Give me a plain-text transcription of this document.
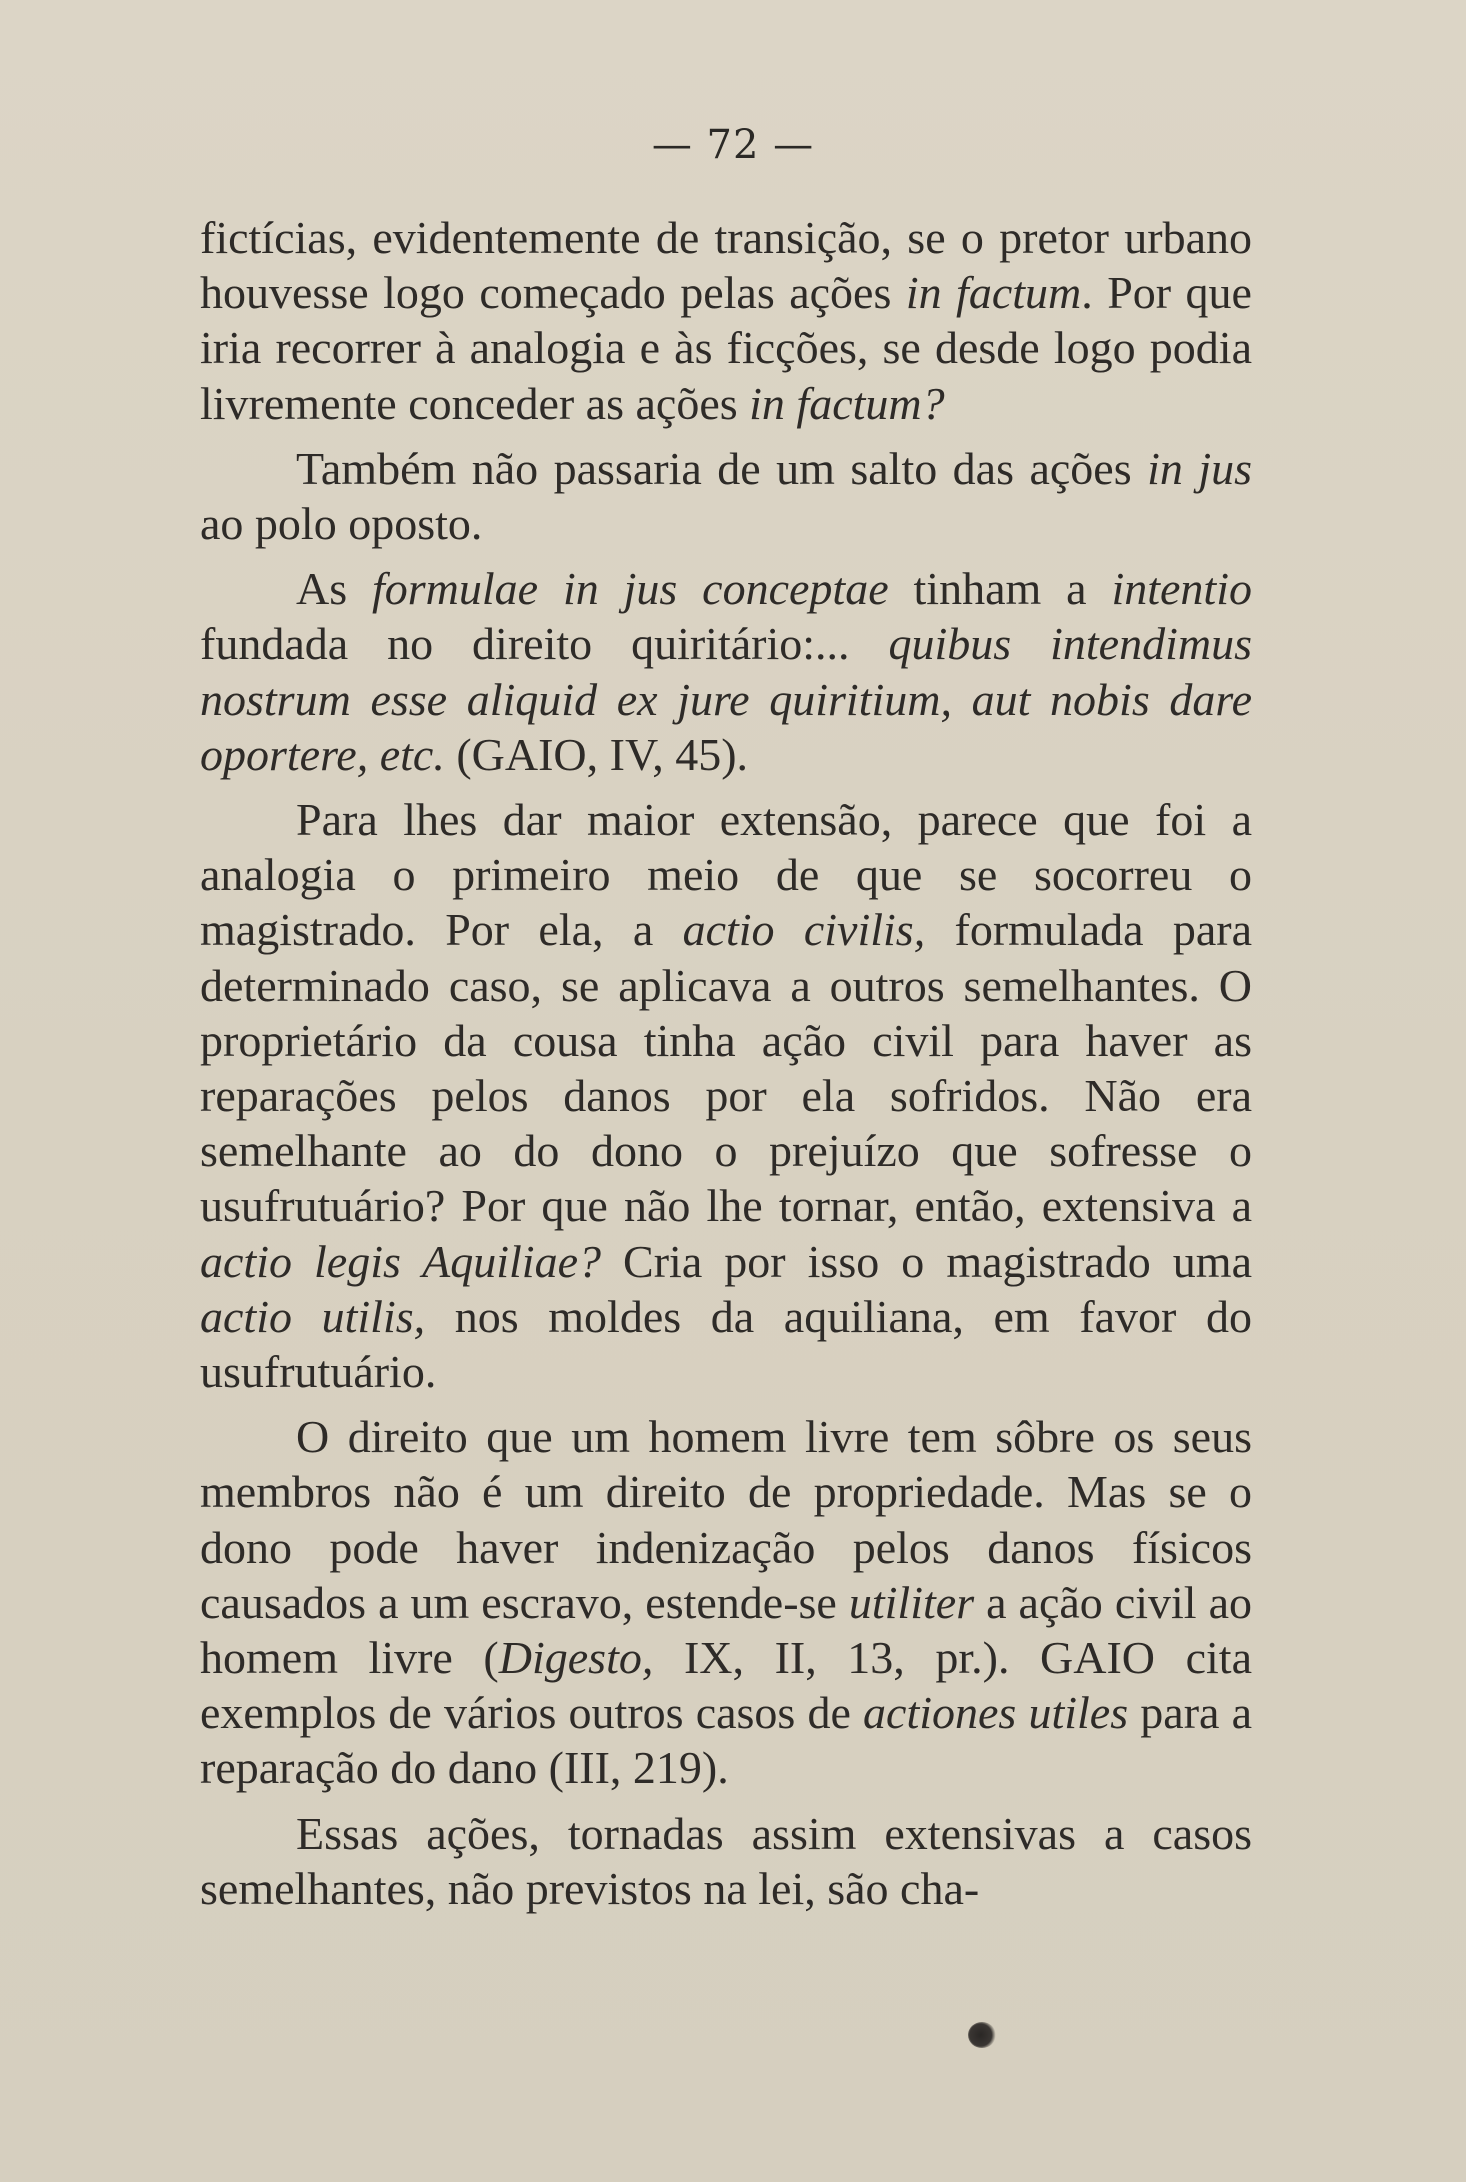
— 72 —

fictícias, evidentemente de transição, se o pretor urbano houvesse logo começado pelas ações in factum. Por que iria recorrer à analogia e às ficções, se desde logo podia livremente conceder as ações in factum?

Também não passaria de um salto das ações in jus ao polo oposto.

As formulae in jus conceptae tinham a intentio fundada no direito quiritário:... quibus intendimus nostrum esse aliquid ex jure quiritium, aut nobis dare oportere, etc. (GAIO, IV, 45).

Para lhes dar maior extensão, parece que foi a analogia o primeiro meio de que se socorreu o magistrado. Por ela, a actio civilis, formulada para determinado caso, se aplicava a outros semelhantes. O proprietário da cousa tinha ação civil para haver as reparações pelos danos por ela sofridos. Não era semelhante ao do dono o prejuízo que sofresse o usufrutuário? Por que não lhe tornar, então, extensiva a actio legis Aquiliae? Cria por isso o magistrado uma actio utilis, nos moldes da aquiliana, em favor do usufrutuário.

O direito que um homem livre tem sôbre os seus membros não é um direito de propriedade. Mas se o dono pode haver indenização pelos danos físicos causados a um escravo, estende-se utiliter a ação civil ao homem livre (Digesto, IX, II, 13, pr.). GAIO cita exemplos de vários outros casos de actiones utiles para a reparação do dano (III, 219).

Essas ações, tornadas assim extensivas a casos semelhantes, não previstos na lei, são cha-
